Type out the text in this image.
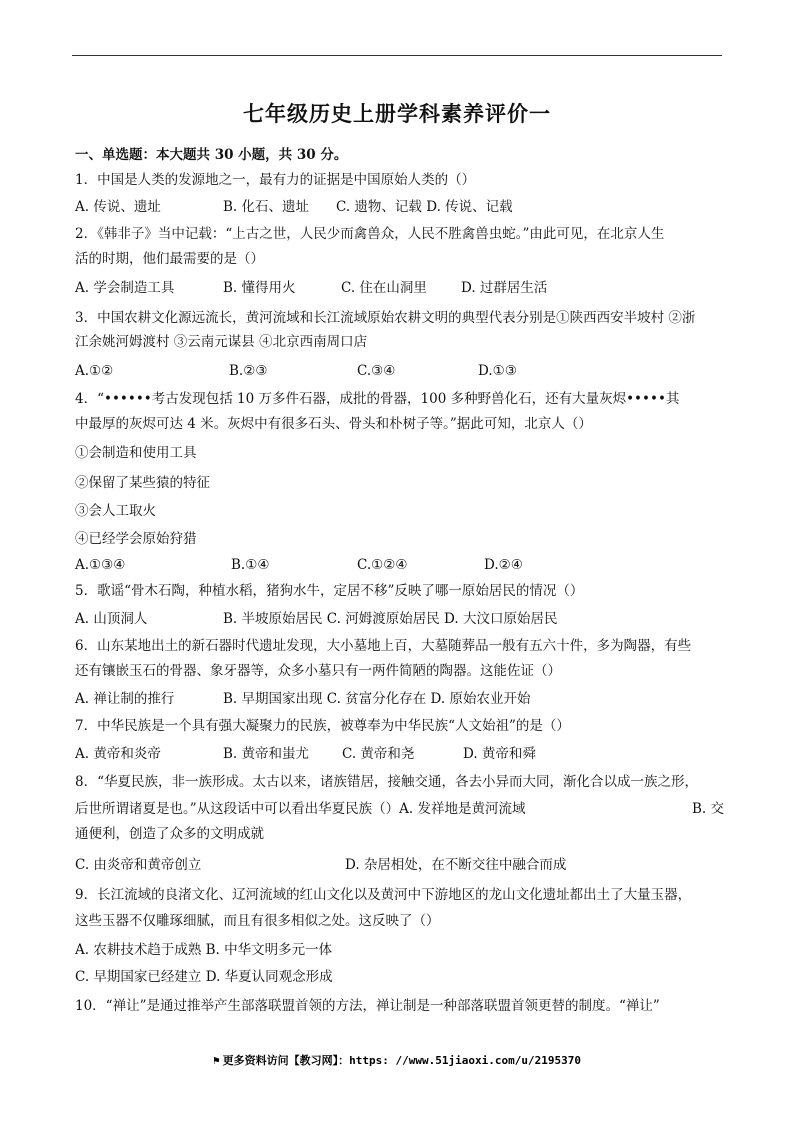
七年级历史上册学科素养评价一
一、单选题：本大题共 30 小题，共 30 分。
1．中国是人类的发源地之一，最有力的证据是中国原始人类的（）
A. 传说、遗址	B. 化石、遗址 C. 遗物、记载 D. 传说、记载
2．《韩非子》当中记载：“上古之世，人民少而禽兽众，人民不胜禽兽虫蛇。”由此可见，在北京人生
活的时期，他们最需要的是（）
A. 学会制造工具	B. 懂得用火	C. 住在山洞里	D. 过群居生活
3．中国农耕文化源远流长，黄河流域和长江流域原始农耕文明的典型代表分别是①陕西西安半坡村 ②浙
江余姚河姆渡村 ③云南元谋县 ④北京西南周口店
A.①②	B.②③	C.③④	D.①③
4．“••••••考古发现包括 10 万多件石器，成批的骨器，100 多种野兽化石，还有大量灰烬•••••其
中最厚的灰烬可达 4 米。灰烬中有很多石头、骨头和朴树子等。”据此可知，北京人（）
①会制造和使用工具
②保留了某些猿的特征
③会人工取火
④已经学会原始狩猎
A.①③④	B.①④	C.①②④	D.②④
5．歌谣“骨木石陶，种植水稻，猪狗水牛，定居不移”反映了哪一原始居民的情况（）
A. 山顶洞人	B. 半坡原始居民 C. 河姆渡原始居民 D. 大汶口原始居民
6．山东某地出土的新石器时代遗址发现，大小墓地上百，大墓随葬品一般有五六十件，多为陶器，有些
还有镶嵌玉石的骨器、象牙器等，众多小墓只有一两件简陋的陶器。这能佐证（）
A. 禅让制的推行	B. 早期国家出现 C. 贫富分化存在 D. 原始农业开始
7．中华民族是一个具有强大凝聚力的民族，被尊奉为中华民族“人文始祖”的是（）
A. 黄帝和炎帝	B. 黄帝和蚩尤 C. 黄帝和尧	D. 黄帝和舜
8．“华夏民族，非一族形成。太古以来，诸族错居，接触交通，各去小异而大同，渐化合以成一族之形，
后世所谓诸夏是也。”从这段话中可以看出华夏民族（）A. 发祥地是黄河流域	B. 交
通便利，创造了众多的文明成就
C. 由炎帝和黄帝创立	D. 杂居相处，在不断交往中融合而成
9．长江流域的良渚文化、辽河流域的红山文化以及黄河中下游地区的龙山文化遗址都出土了大量玉器，
这些玉器不仅雕琢细腻，而且有很多相似之处。这反映了（）
A. 农耕技术趋于成熟 B. 中华文明多元一体
C. 早期国家已经建立 D. 华夏认同观念形成
10．“禅让”是通过推举产生部落联盟首领的方法，禅让制是一种部落联盟首领更替的制度。“禅让”
⚑ 更多资料访问【教习网】：https: //www.51jiaoxi.com/u/2195370
